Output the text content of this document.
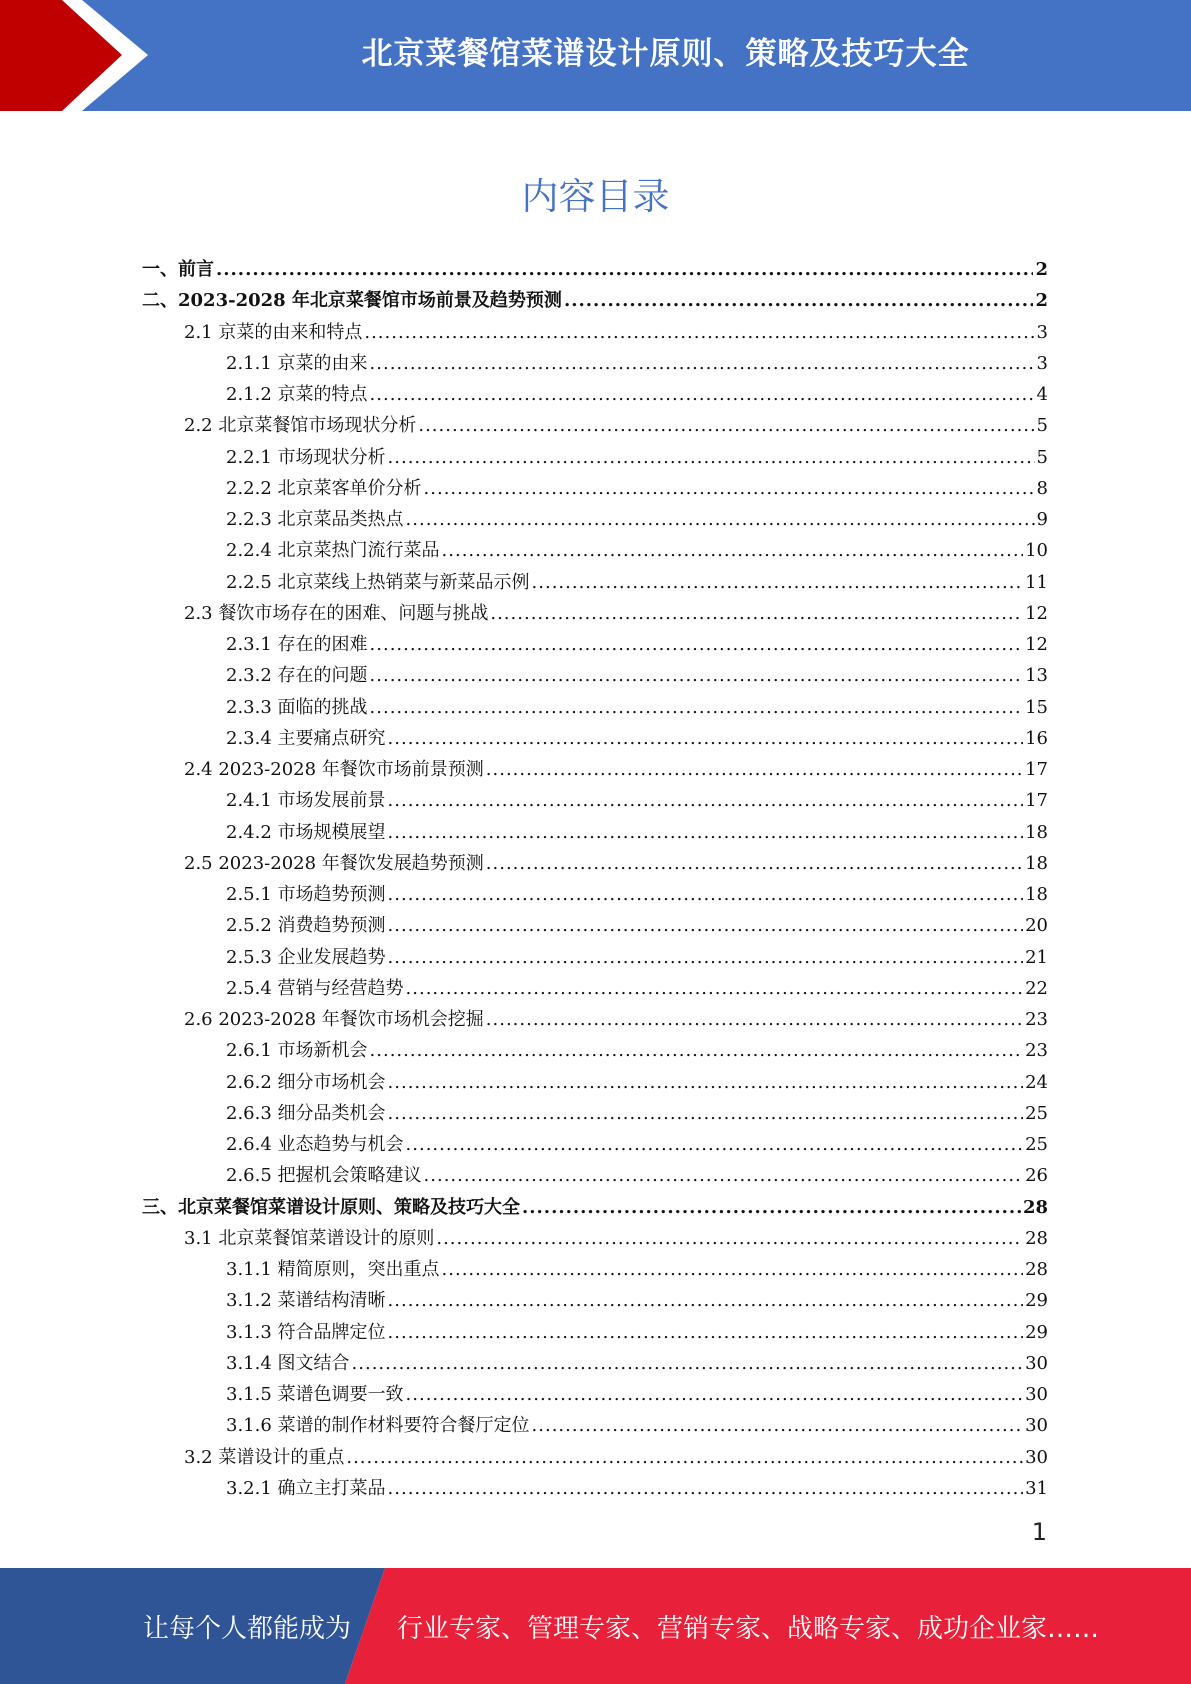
北京菜餐馆菜谱设计原则、策略及技巧大全
内容目录
一、前言 .....	2
二、2023-2028 年北京菜餐馆市场前景及趋势预测 .....	2
2.1 京菜的由来和特点 .....	3
2.1.1 京菜的由来 .....	3
2.1.2 京菜的特点 .....	4
2.2 北京菜餐馆市场现状分析 .....	5
2.2.1 市场现状分析 .....	5
2.2.2 北京菜客单价分析 .....	8
2.2.3 北京菜品类热点 .....	9
2.2.4 北京菜热门流行菜品 .....	10
2.2.5 北京菜线上热销菜与新菜品示例 .....	11
2.3 餐饮市场存在的困难、问题与挑战 .....	12
2.3.1 存在的困难 .....	12
2.3.2 存在的问题 .....	13
2.3.3 面临的挑战 .....	15
2.3.4 主要痛点研究 .....	16
2.4 2023-2028 年餐饮市场前景预测 .....	17
2.4.1 市场发展前景 .....	17
2.4.2 市场规模展望 .....	18
2.5 2023-2028 年餐饮发展趋势预测 .....	18
2.5.1 市场趋势预测 .....	18
2.5.2 消费趋势预测 .....	20
2.5.3 企业发展趋势 .....	21
2.5.4 营销与经营趋势 .....	22
2.6 2023-2028 年餐饮市场机会挖掘 .....	23
2.6.1 市场新机会 .....	23
2.6.2 细分市场机会 .....	24
2.6.3 细分品类机会 .....	25
2.6.4 业态趋势与机会 .....	25
2.6.5 把握机会策略建议 .....	26
三、北京菜餐馆菜谱设计原则、策略及技巧大全 .....	28
3.1 北京菜餐馆菜谱设计的原则 .....	28
3.1.1 精简原则，突出重点 .....	28
3.1.2 菜谱结构清晰 .....	29
3.1.3 符合品牌定位 .....	29
3.1.4 图文结合 .....	30
3.1.5 菜谱色调要一致 .....	30
3.1.6 菜谱的制作材料要符合餐厅定位 .....	30
3.2 菜谱设计的重点 .....	30
3.2.1 确立主打菜品 .....	31
1
让每个人都能成为 行业专家、管理专家、营销专家、战略专家、成功企业家……
